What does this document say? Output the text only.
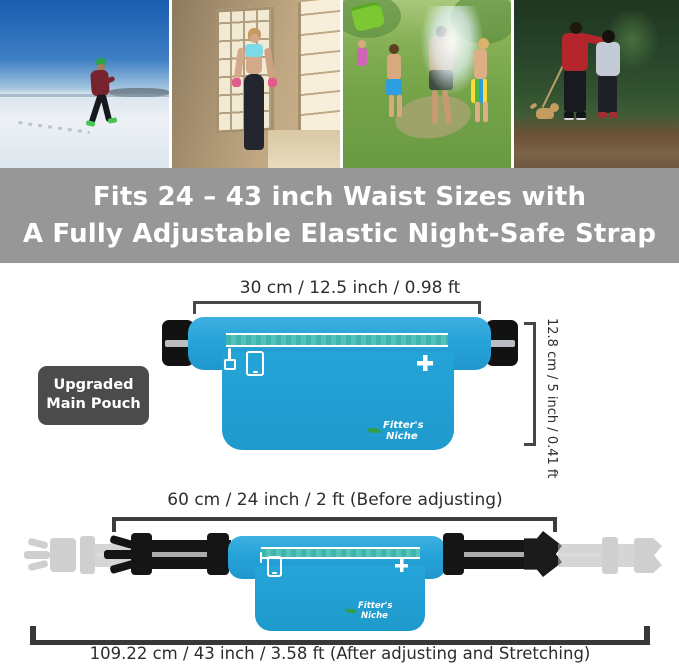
Fits 24 – 43 inch Waist Sizes with
A Fully Adjustable Elastic Night-Safe Strap
30 cm / 12.5 inch / 0.98 ft
Fitter's
Niche	12.8 cm / 5 inch / 0.41 ft
Upgraded
Main Pouch
60 cm / 24 inch / 2 ft (Before adjusting)
Fitter's
Niche
109.22 cm / 43 inch / 3.58 ft (After adjusting and Stretching)
